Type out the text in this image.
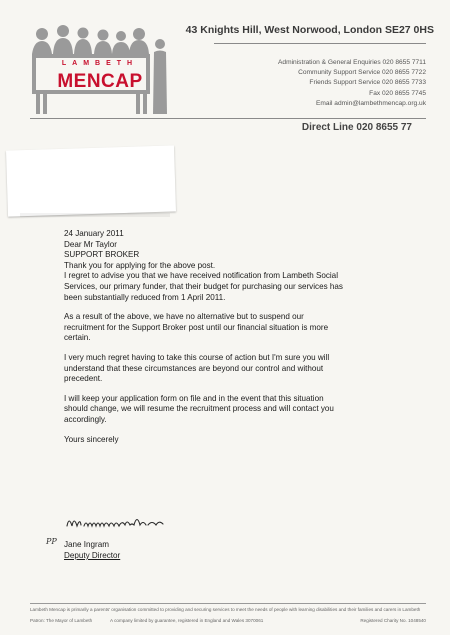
LAMBETH
MENCAP
43 Knights Hill, West Norwood, London SE27 0HS
Administration & General Enquiries 020 8655 7711
Community Support Service 020 8655 7722
Friends Support Service 020 8655 7733
Fax 020 8655 7745
Email admin@lambethmencap.org.uk
Direct Line 020 8655 77

24 January 2011

Dear Mr Taylor

SUPPORT BROKER

Thank you for applying for the above post.

I regret to advise you that we have received notification from Lambeth Social
Services, our primary funder, that their budget for purchasing our services has
been substantially reduced from 1 April 2011.
As a result of the above, we have no alternative but to suspend our
recruitment for the Support Broker post until our financial situation is more
certain.
I very much regret having to take this course of action but I'm sure you will
understand that these circumstances are beyond our control and without
precedent.
I will keep your application form on file and in the event that this situation
should change, we will resume the recruitment process and will contact you
accordingly.

Yours sincerely

PP Jane Ingram
Deputy Director
Lambeth Mencap is primarily a parents' organisation committed to providing and securing services to meet the needs of people with learning disabilities and their families and carers in Lambeth
Patron: The Mayor of Lambeth	A company limited by guarantee, registered in England and Wales 3070061	Registered Charity No. 1048540
